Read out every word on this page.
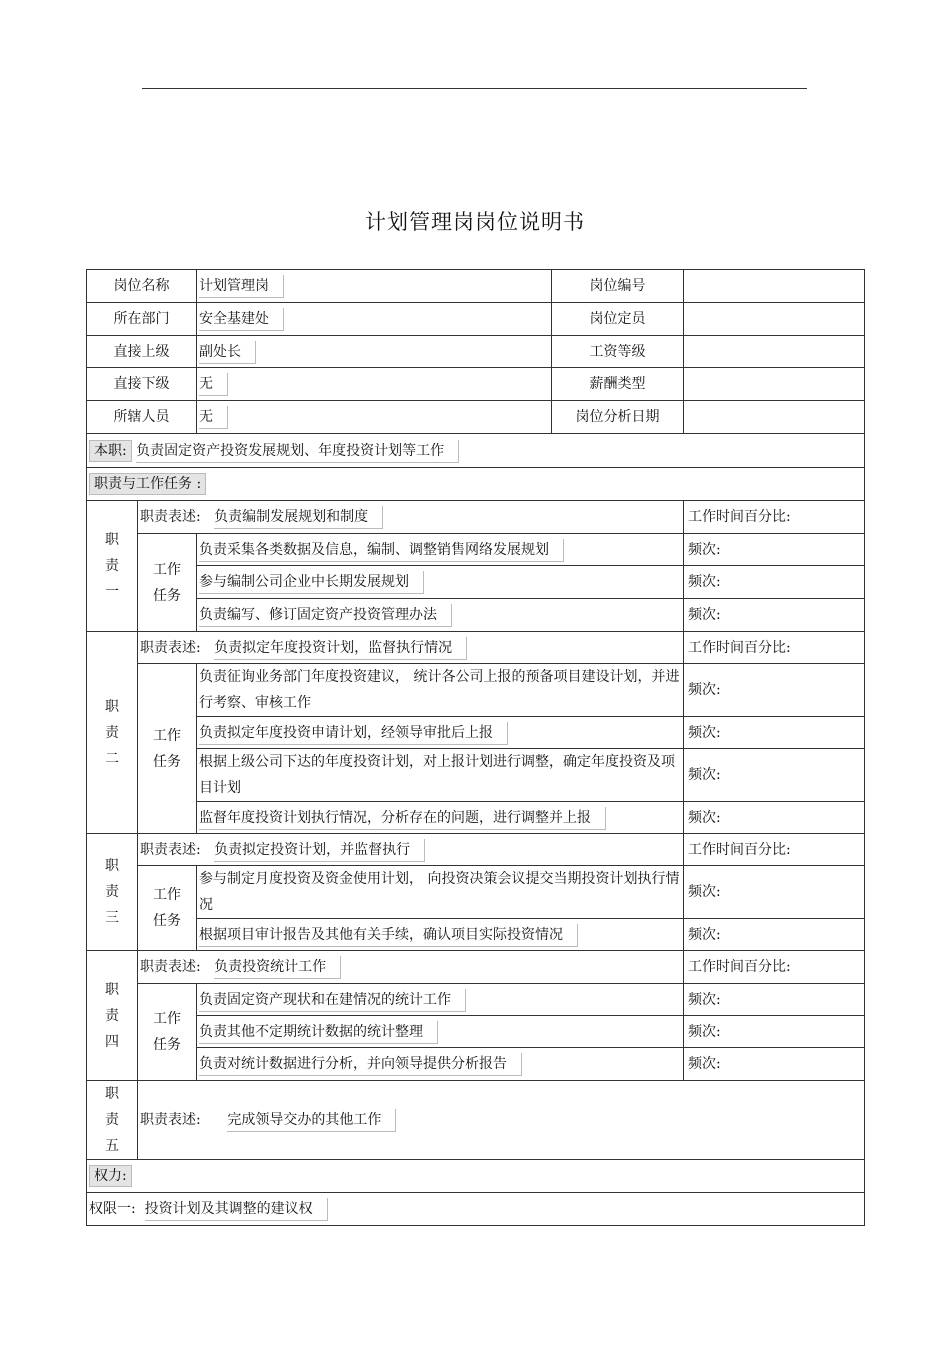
计划管理岗岗位说明书
岗位名称		计划管理岗	岗位编号	
所在部门		安全基建处	岗位定员	
直接上级		副处长	工资等级	
直接下级		无	薪酬类型	
所辖人员		无	岗位分析日期	
本职: 负责固定资产投资发展规划、年度投资计划等工作				
职责与工作任务 :				
职
责
一	职责表述: 负责编制发展规划和制度			工作时间百分比:
	工作
任务	负责采集各类数据及信息，编制、调整销售网络发展规划		频次:
		参与编制公司企业中长期发展规划		频次:
		负责编写、修订固定资产投资管理办法		频次:
职
责
二	职责表述: 负责拟定年度投资计划，监督执行情况			工作时间百分比:
	工作
任务	负责征询业务部门年度投资建议， 统计各公司上报的预备项目建设计划，并进行考察、审核工作		频次:
		负责拟定年度投资申请计划，经领导审批后上报		频次:
		根据上级公司下达的年度投资计划，对上报计划进行调整，确定年度投资及项目计划		频次:
		监督年度投资计划执行情况，分析存在的问题，进行调整并上报		频次:
职
责
三	职责表述: 负责拟定投资计划，并监督执行			工作时间百分比:
	工作
任务	参与制定月度投资及资金使用计划， 向投资决策会议提交当期投资计划执行情况		频次:
		根据项目审计报告及其他有关手续，确认项目实际投资情况		频次:
职
责
四	职责表述: 负责投资统计工作			工作时间百分比:
	工作
任务	负责固定资产现状和在建情况的统计工作		频次:
		负责其他不定期统计数据的统计整理		频次:
		负责对统计数据进行分析，并向领导提供分析报告		频次:
职
责
五	职责表述: 完成领导交办的其他工作			
权力:				
权限一: 投资计划及其调整的建议权				
